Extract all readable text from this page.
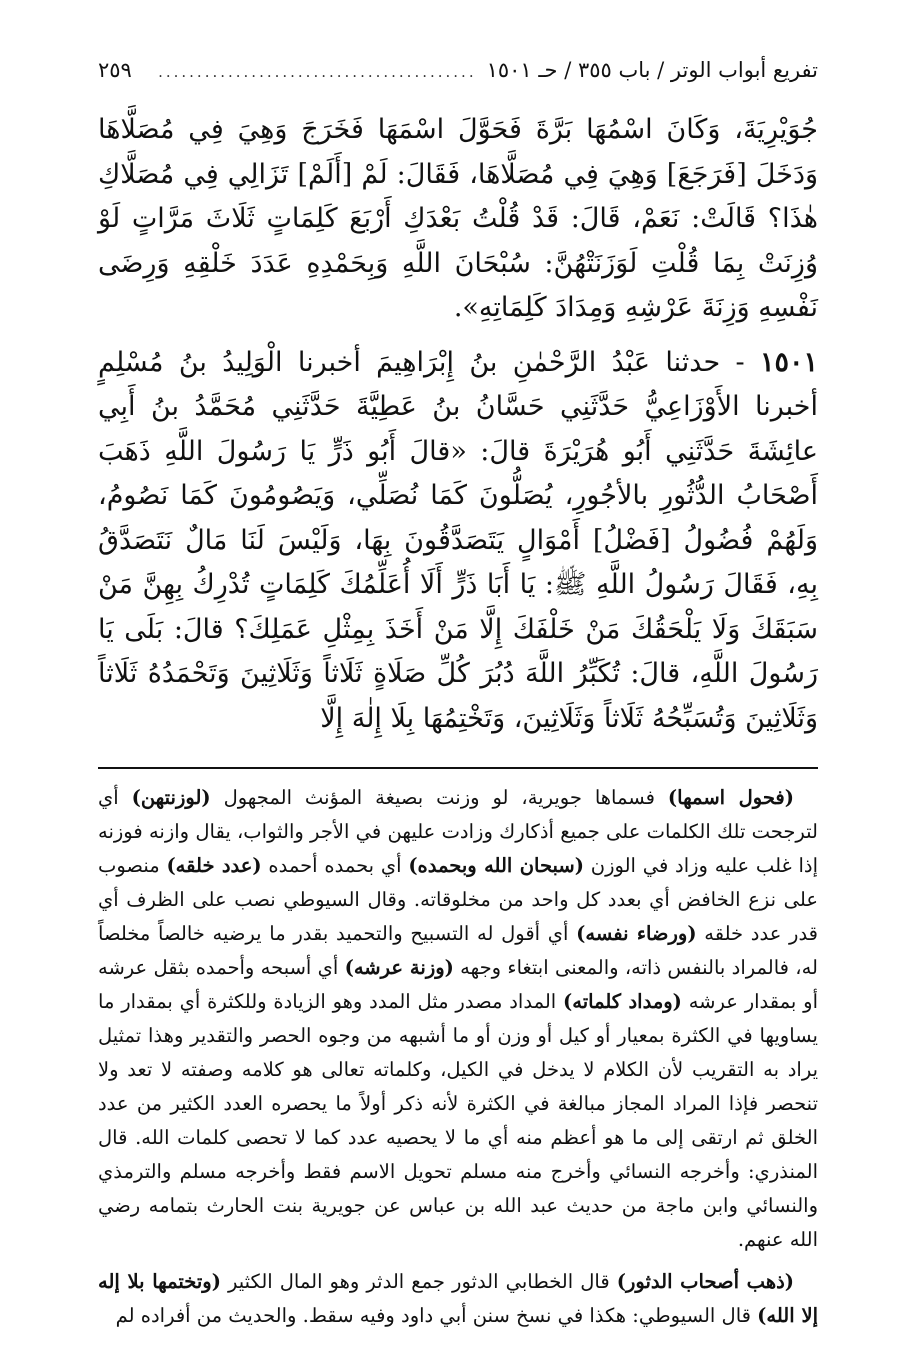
تفريع أبواب الوتر / باب ٣٥٥ / حـ ١٥٠١
.........................................
٢٥٩

جُوَيْرِيَةَ، وَكَانَ اسْمُهَا بَرَّةَ فَحَوَّلَ اسْمَهَا فَخَرَجَ وَهِيَ فِي مُصَلَّاهَا وَدَخَلَ [فَرَجَعَ] وَهِيَ فِي مُصَلَّاهَا، فَقَالَ: لَمْ [أَلَمْ] تَزَالِي فِي مُصَلَّاكِ هٰذَا؟ قَالَتْ: نَعَمْ، قَالَ: قَدْ قُلْتُ بَعْدَكِ أَرْبَعَ كَلِمَاتٍ ثَلَاثَ مَرَّاتٍ لَوْ وُزِنَتْ بِمَا قُلْتِ لَوَزَنَتْهُنَّ: سُبْحَانَ اللَّهِ وَبِحَمْدِهِ عَدَدَ خَلْقِهِ وَرِضَى نَفْسِهِ وَزِنَةَ عَرْشِهِ وَمِدَادَ كَلِمَاتِهِ».

١٥٠١ - حدثنا عَبْدُ الرَّحْمٰنِ بنُ إِبْرَاهِيمَ أخبرنا الْوَلِيدُ بنُ مُسْلِمٍ أخبرنا الأَوْزَاعِيُّ حَدَّثَنِي حَسَّانُ بنُ عَطِيَّةَ حَدَّثَنِي مُحَمَّدُ بنُ أَبِي عائِشَةَ حَدَّثَنِي أَبُو هُرَيْرَةَ قالَ: «قالَ أَبُو ذَرٍّ يَا رَسُولَ اللَّهِ ذَهَبَ أَصْحَابُ الدُّثُورِ بالأجُورِ، يُصَلُّونَ كَمَا نُصَلِّي، وَيَصُومُونَ كَمَا نَصُومُ، وَلَهُمْ فُضُولُ [فَضْلُ] أَمْوَالٍ يَتَصَدَّقُونَ بِهَا، وَلَيْسَ لَنَا مَالٌ نَتَصَدَّقُ بِهِ، فَقَالَ رَسُولُ اللَّهِ ﷺ: يَا أَبَا ذَرٍّ أَلَا أُعَلِّمُكَ كَلِمَاتٍ تُدْرِكُ بِهِنَّ مَنْ سَبَقَكَ وَلَا يَلْحَقُكَ مَنْ خَلْفَكَ إِلَّا مَنْ أَخَذَ بِمِثْلِ عَمَلِكَ؟ قالَ: بَلَى يَا رَسُولَ اللَّهِ، قالَ: تُكَبِّرُ اللَّهَ دُبُرَ كُلِّ صَلَاةٍ ثَلَاثاً وَثَلَاثِينَ وَتَحْمَدُهُ ثَلَاثاً وَثَلَاثِينَ وَتُسَبِّحُهُ ثَلَاثاً وَثَلَاثِينَ، وَتَخْتِمُهَا بِلَا إِلٰهَ إِلَّا

(فحول اسمها) فسماها جويرية، لو وزنت بصيغة المؤنث المجهول (لوزنتهن) أي لترجحت تلك الكلمات على جميع أذكارك وزادت عليهن في الأجر والثواب، يقال وازنه فوزنه إذا غلب عليه وزاد في الوزن (سبحان الله وبحمده) أي بحمده أحمده (عدد خلقه) منصوب على نزع الخافض أي بعدد كل واحد من مخلوقاته. وقال السيوطي نصب على الظرف أي قدر عدد خلقه (ورضاء نفسه) أي أقول له التسبيح والتحميد بقدر ما يرضيه خالصاً مخلصاً له، فالمراد بالنفس ذاته، والمعنى ابتغاء وجهه (وزنة عرشه) أي أسبحه وأحمده بثقل عرشه أو بمقدار عرشه (ومداد كلماته) المداد مصدر مثل المدد وهو الزيادة وللكثرة أي بمقدار ما يساويها في الكثرة بمعيار أو كيل أو وزن أو ما أشبهه من وجوه الحصر والتقدير وهذا تمثيل يراد به التقريب لأن الكلام لا يدخل في الكيل، وكلماته تعالى هو كلامه وصفته لا تعد ولا تنحصر فإذا المراد المجاز مبالغة في الكثرة لأنه ذكر أولاً ما يحصره العدد الكثير من عدد الخلق ثم ارتقى إلى ما هو أعظم منه أي ما لا يحصيه عدد كما لا تحصى كلمات الله. قال المنذري: وأخرجه النسائي وأخرج منه مسلم تحويل الاسم فقط وأخرجه مسلم والترمذي والنسائي وابن ماجة من حديث عبد الله بن عباس عن جويرية بنت الحارث بتمامه رضي الله عنهم.

(ذهب أصحاب الدثور) قال الخطابي الدثور جمع الدثر وهو المال الكثير (وتختمها بلا إله إلا الله) قال السيوطي: هكذا في نسخ سنن أبي داود وفيه سقط. والحديث من أفراده لم
